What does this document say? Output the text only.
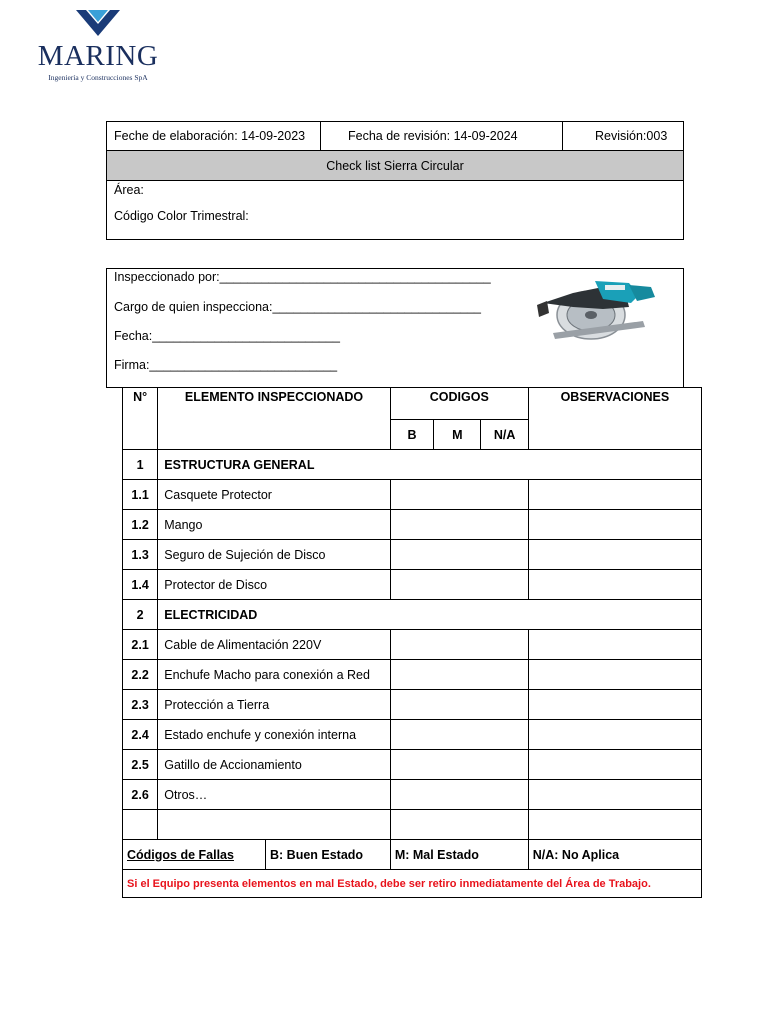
MARING
Ingeniería y Construcciones SpA
Feche de elaboración: 14-09-2023	Fecha de revisión: 14-09-2024	Revisión:003
Check list Sierra Circular

Área:
Código Color Trimestral:
Inspeccionado por:_______________________________________
Cargo de quien inspecciona:______________________________
Fecha:___________________________
Firma:___________________________
N°	ELEMENTO INSPECCIONADO	CODIGOS			OBSERVACIONES
		B	M	N/A	
1	ESTRUCTURA GENERAL				
1.1	Casquete Protector				
1.2	Mango				
1.3	Seguro de Sujeción de Disco				
1.4	Protector de Disco				
2	ELECTRICIDAD				
2.1	Cable de Alimentación 220V				
2.2	Enchufe Macho para conexión a Red				
2.3	Protección a Tierra				
2.4	Estado enchufe y conexión interna				
2.5	Gatillo de Accionamiento				
2.6	Otros…				

Códigos de Fallas B: Buen Estado		M: Mal Estado			N/A: No Aplica
Si el Equipo presenta elementos en mal Estado, debe ser retiro inmediatamente del Área de Trabajo.					
